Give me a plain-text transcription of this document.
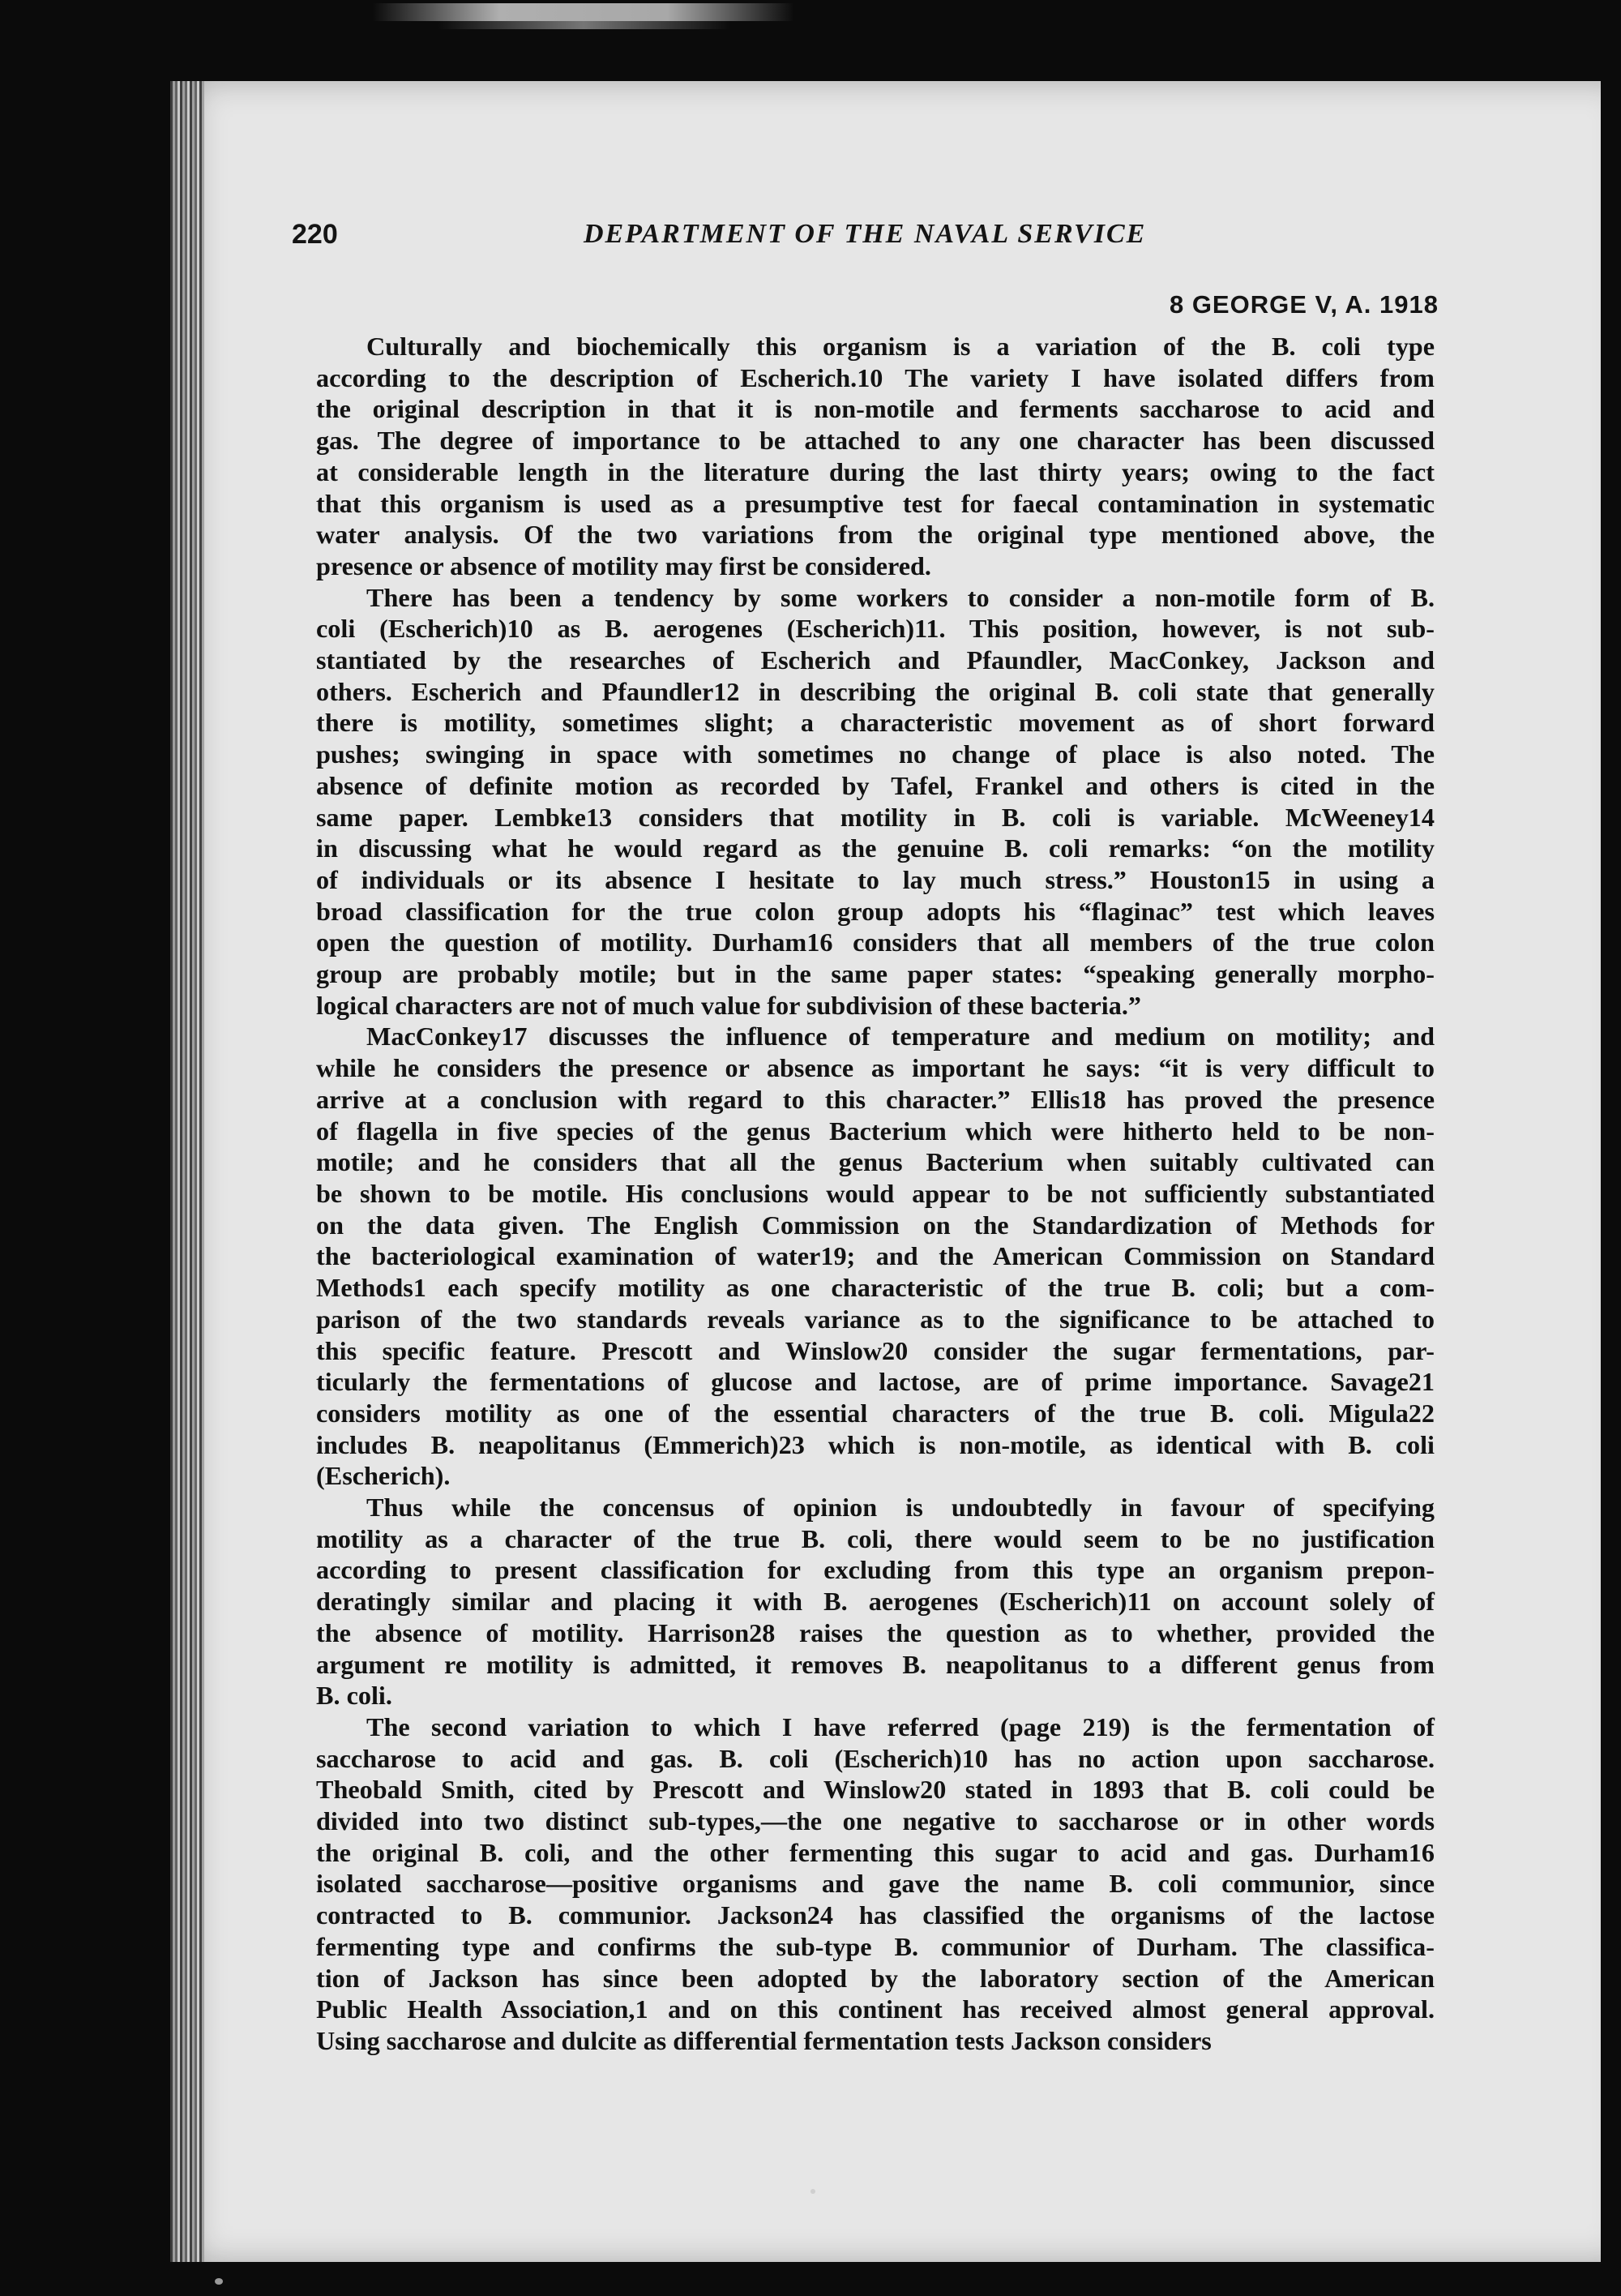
220	DEPARTMENT OF THE NAVAL SERVICE
8 GEORGE V, A. 1918
Culturally and biochemically this organism is a variation of the B. coli type
according to the description of Escherich.10 The variety I have isolated differs from
the original description in that it is non-motile and ferments saccharose to acid and
gas. The degree of importance to be attached to any one character has been discussed
at considerable length in the literature during the last thirty years; owing to the fact
that this organism is used as a presumptive test for faecal contamination in systematic
water analysis. Of the two variations from the original type mentioned above, the
presence or absence of motility may first be considered.
There has been a tendency by some workers to consider a non-motile form of B.
coli (Escherich)10 as B. aerogenes (Escherich)11. This position, however, is not sub-
stantiated by the researches of Escherich and Pfaundler, MacConkey, Jackson and
others. Escherich and Pfaundler12 in describing the original B. coli state that generally
there is motility, sometimes slight; a characteristic movement as of short forward
pushes; swinging in space with sometimes no change of place is also noted. The
absence of definite motion as recorded by Tafel, Frankel and others is cited in the
same paper. Lembke13 considers that motility in B. coli is variable. McWeeney14
in discussing what he would regard as the genuine B. coli remarks: “on the motility
of individuals or its absence I hesitate to lay much stress.” Houston15 in using a
broad classification for the true colon group adopts his “flaginac” test which leaves
open the question of motility. Durham16 considers that all members of the true colon
group are probably motile; but in the same paper states: “speaking generally morpho-
logical characters are not of much value for subdivision of these bacteria.”
MacConkey17 discusses the influence of temperature and medium on motility; and
while he considers the presence or absence as important he says: “it is very difficult to
arrive at a conclusion with regard to this character.” Ellis18 has proved the presence
of flagella in five species of the genus Bacterium which were hitherto held to be non-
motile; and he considers that all the genus Bacterium when suitably cultivated can
be shown to be motile. His conclusions would appear to be not sufficiently substantiated
on the data given. The English Commission on the Standardization of Methods for
the bacteriological examination of water19; and the American Commission on Standard
Methods1 each specify motility as one characteristic of the true B. coli; but a com-
parison of the two standards reveals variance as to the significance to be attached to
this specific feature. Prescott and Winslow20 consider the sugar fermentations, par-
ticularly the fermentations of glucose and lactose, are of prime importance. Savage21
considers motility as one of the essential characters of the true B. coli. Migula22
includes B. neapolitanus (Emmerich)23 which is non-motile, as identical with B. coli
(Escherich).
Thus while the concensus of opinion is undoubtedly in favour of specifying
motility as a character of the true B. coli, there would seem to be no justification
according to present classification for excluding from this type an organism prepon-
deratingly similar and placing it with B. aerogenes (Escherich)11 on account solely of
the absence of motility. Harrison28 raises the question as to whether, provided the
argument re motility is admitted, it removes B. neapolitanus to a different genus from
B. coli.
The second variation to which I have referred (page 219) is the fermentation of
saccharose to acid and gas. B. coli (Escherich)10 has no action upon saccharose.
Theobald Smith, cited by Prescott and Winslow20 stated in 1893 that B. coli could be
divided into two distinct sub-types,—the one negative to saccharose or in other words
the original B. coli, and the other fermenting this sugar to acid and gas. Durham16
isolated saccharose—positive organisms and gave the name B. coli communior, since
contracted to B. communior. Jackson24 has classified the organisms of the lactose
fermenting type and confirms the sub-type B. communior of Durham. The classifica-
tion of Jackson has since been adopted by the laboratory section of the American
Public Health Association,1 and on this continent has received almost general approval.
Using saccharose and dulcite as differential fermentation tests Jackson considers
